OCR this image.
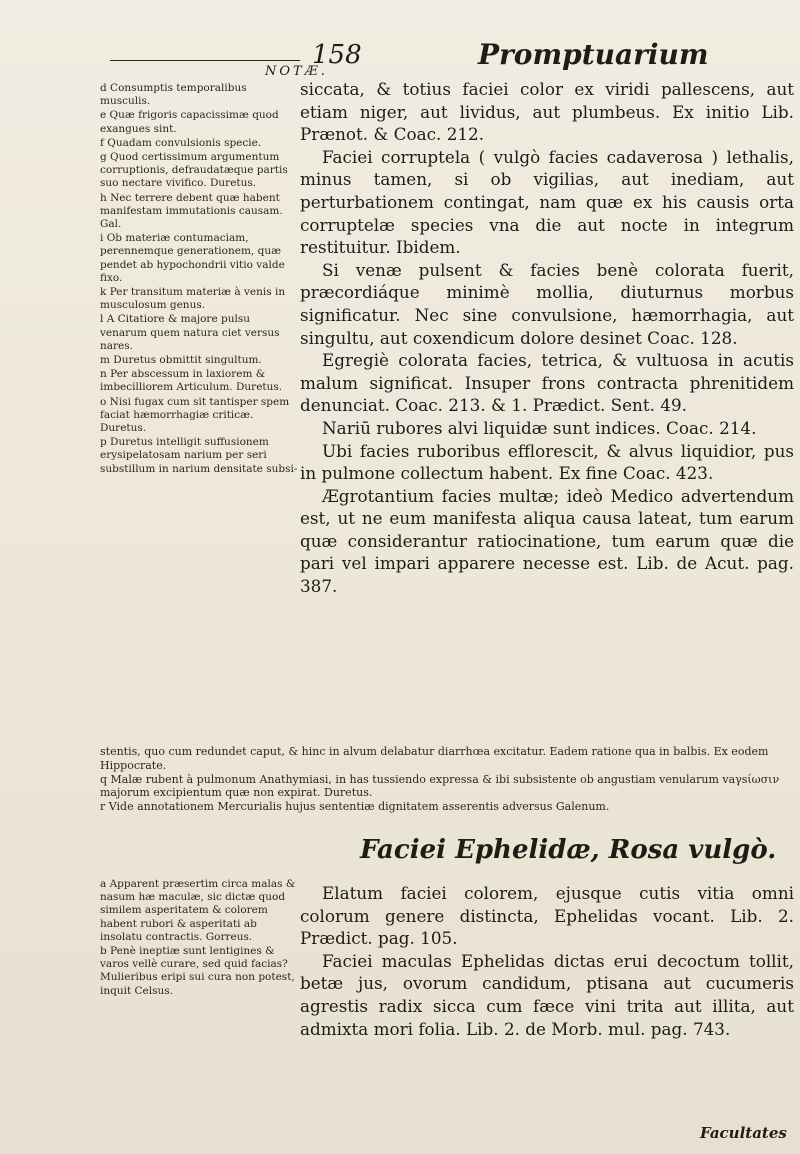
158	Promptuarium
NOTÆ.

d Consumptis temporalibus musculis.

e Quæ frigoris capacissimæ quod exangues sint.

f Quadam convulsionis specie.

g Quod certissimum argumentum corruptionis, defraudatæque partis suo nectare vivifico. Duretus.

h Nec terrere debent quæ habent manifestam immutationis causam. Gal.

i Ob materiæ contumaciam, perennemque generationem, quæ pendet ab hypochondrii vitio valde fixo.

k Per transitum materiæ à venis in musculosum genus.

l A Citatiore & majore pulsu venarum quem natura ciet versus nares.

m Duretus obmittit singultum.

n Per abscessum in laxiorem & imbecilliorem Articulum. Duretus.

o Nisi fugax cum sit tantisper spem faciat hæmorrhagiæ criticæ. Duretus.

p Duretus intelligit suffusionem erysipelatosam narium per seri substillum in narium densitate subsi-

siccata, & totius faciei color ex viridi pallescens, aut etiam niger, aut lividus, aut plumbeus. Ex initio Lib. Prænot. & Coac. 212.

Faciei corruptela ( vulgò facies cadaverosa ) lethalis, minus tamen, si ob vigilias, aut inediam, aut perturbationem contingat, nam quæ ex his causis orta corruptelæ species vna die aut nocte in integrum restituitur. Ibidem.

Si venæ pulsent & facies benè colorata fuerit, præcordiáque minimè mollia, diuturnus morbus significatur. Nec sine convulsione, hæmorrhagia, aut singultu, aut coxendicum dolore desinet Coac. 128.

Egregiè colorata facies, tetrica, & vultuosa in acutis malum significat. Insuper frons contracta phrenitidem denunciat. Coac. 213. & 1. Prædict. Sent. 49.

Nariū rubores alvi liquidæ sunt indices. Coac. 214.

Ubi facies ruboribus efflorescit, & alvus liquidior, pus in pulmone collectum habent. Ex fine Coac. 423.

Ægrotantium facies multæ; ideò Medico advertendum est, ut ne eum manifesta aliqua causa lateat, tum earum quæ considerantur ratiocinatione, tum earum quæ die pari vel impari apparere necesse est. Lib. de Acut. pag. 387.

stentis, quo cum redundet caput, & hinc in alvum delabatur diarrhœa excitatur. Eadem ratione qua in balbis. Ex eodem Hippocrate.

q Malæ rubent à pulmonum Anathymiasi, in has tussiendo expressa & ibi subsistente ob angustiam venularum vaγsίωσιν majorum excipientum quæ non expirat. Duretus.

r Vide annotationem Mercurialis hujus sententiæ dignitatem asserentis adversus Galenum.

Faciei Ephelidæ, Rosa vulgò.

a Apparent præsertim circa malas & nasum hæ maculæ, sic dictæ quod similem asperitatem & colorem habent rubori & asperitati ab insolatu contractis. Gorreus.

b Penè ineptiæ sunt lentigines & varos vellè curare, sed quid facias? Mulieribus eripi sui cura non potest, inquit Celsus.

Elatum faciei colorem, ejusque cutis vitia omni colorum genere distincta, Ephelidas vocant. Lib. 2. Prædict. pag. 105.

Faciei maculas Ephelidas dictas erui decoctum tollit, betæ jus, ovorum candidum, ptisana aut cucumeris agrestis radix sicca cum fæce vini trita aut illita, aut admixta mori folia. Lib. 2. de Morb. mul. pag. 743.

Facultates
